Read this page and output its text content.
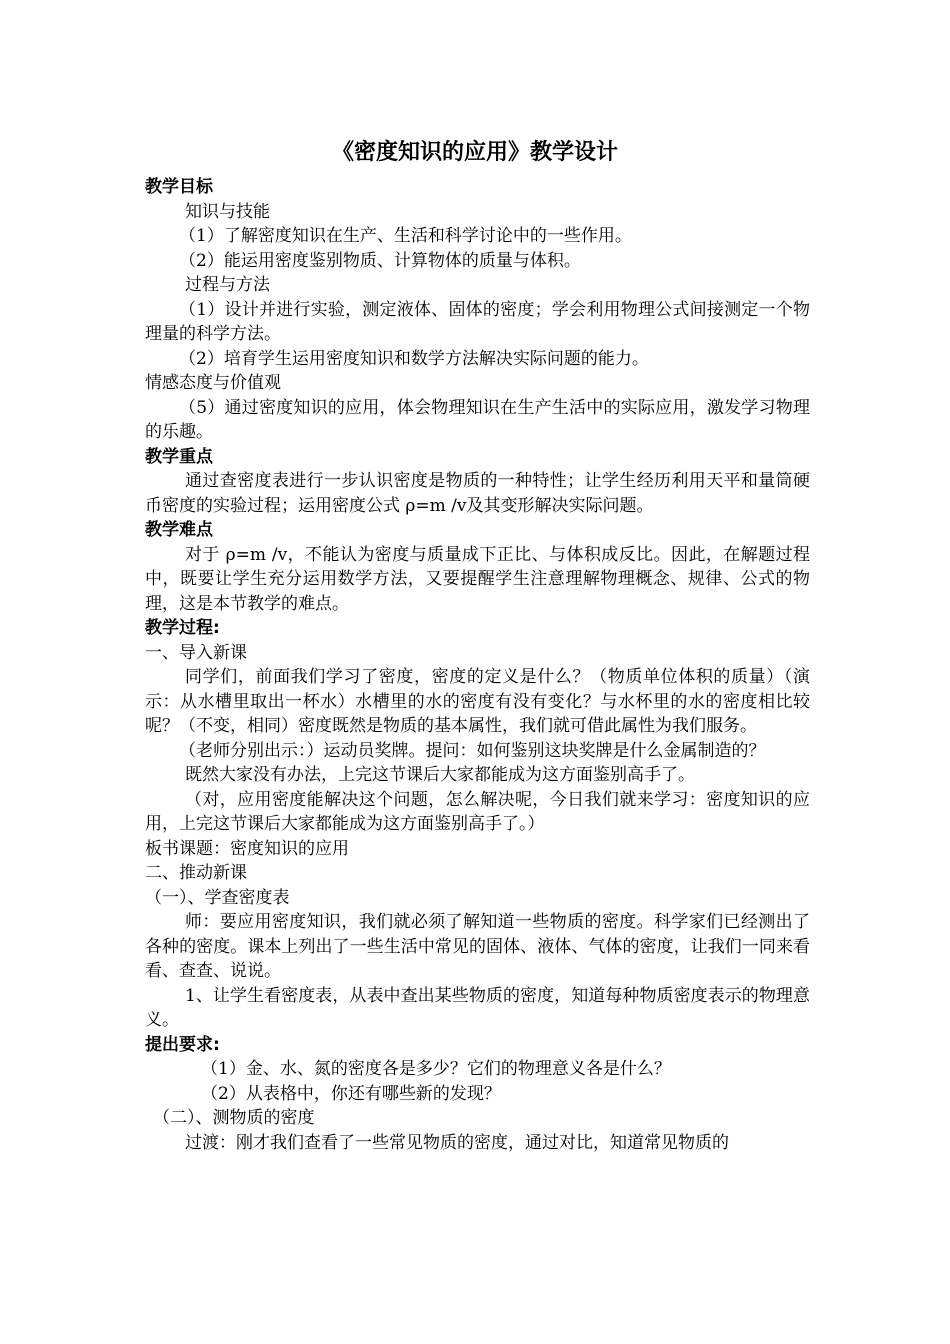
《密度知识的应用》教学设计

教学目标

知识与技能

（1）了解密度知识在生产、生活和科学讨论中的一些作用。

（2）能运用密度鉴别物质、计算物体的质量与体积。

过程与方法

（1）设计并进行实验，测定液体、固体的密度；学会利用物理公式间接测定一个物理量的科学方法。

（2）培育学生运用密度知识和数学方法解决实际问题的能力。

情感态度与价值观

（5）通过密度知识的应用，体会物理知识在生产生活中的实际应用，激发学习物理的乐趣。

教学重点

通过查密度表进行一步认识密度是物质的一种特性；让学生经历利用天平和量筒硬币密度的实验过程；运用密度公式 ρ=m /v及其变形解决实际问题。

教学难点

对于 ρ=m /v，不能认为密度与质量成下正比、与体积成反比。因此，在解题过程中，既要让学生充分运用数学方法，又要提醒学生注意理解物理概念、规律、公式的物理，这是本节教学的难点。

教学过程:

一、导入新课

同学们，前面我们学习了密度，密度的定义是什么？（物质单位体积的质量）（演示：从水槽里取出一杯水）水槽里的水的密度有没有变化？与水杯里的水的密度相比较呢？（不变，相同）密度既然是物质的基本属性，我们就可借此属性为我们服务。

（老师分别出示：）运动员奖牌。提问：如何鉴别这块奖牌是什么金属制造的？

既然大家没有办法，上完这节课后大家都能成为这方面鉴别高手了。

（对，应用密度能解决这个问题，怎么解决呢，今日我们就来学习：密度知识的应用，上完这节课后大家都能成为这方面鉴别高手了。）

板书课题：密度知识的应用

二、推动新课

（一）、学查密度表

师：要应用密度知识，我们就必须了解知道一些物质的密度。科学家们已经测出了各种的密度。课本上列出了一些生活中常见的固体、液体、气体的密度，让我们一同来看看、查查、说说。

1、让学生看密度表，从表中查出某些物质的密度，知道每种物质密度表示的物理意义。

提出要求:

（1）金、水、氮的密度各是多少？它们的物理意义各是什么？

（2）从表格中，你还有哪些新的发现？

（二）、测物质的密度

过渡：刚才我们查看了一些常见物质的密度，通过对比，知道常见物质的
